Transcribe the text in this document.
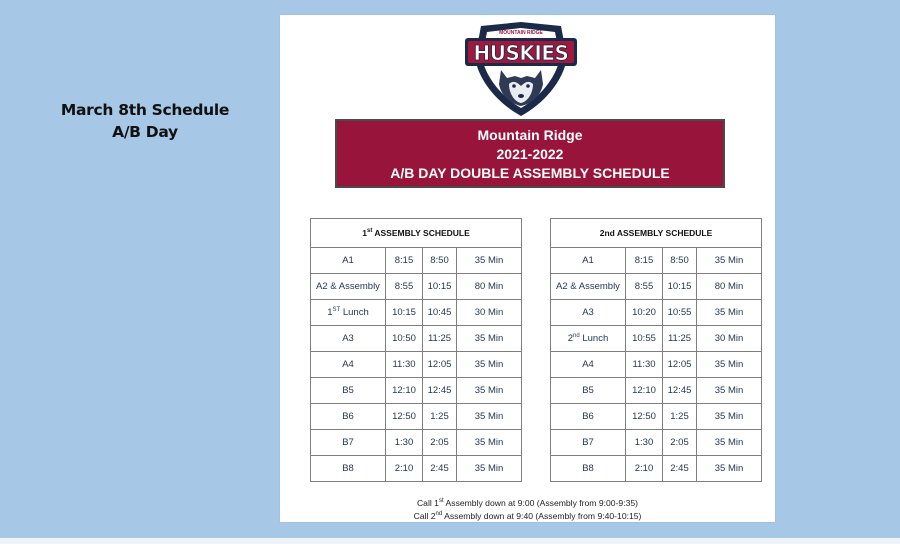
March 8th Schedule
A/B Day
MOUNTAIN RIDGE
HUSKIES
Mountain Ridge
2021-2022
A/B DAY DOUBLE ASSEMBLY SCHEDULE
1st ASSEMBLY SCHEDULE			
A1	8:15	8:50	35 Min
A2 & Assembly	8:55	10:15	80 Min
1ST Lunch	10:15	10:45	30 Min
A3	10:50	11:25	35 Min
A4	11:30	12:05	35 Min
B5	12:10	12:45	35 Min
B6	12:50	1:25	35 Min
B7	1:30	2:05	35 Min
B8	2:10	2:45	35 Min
2nd ASSEMBLY SCHEDULE			
A1	8:15	8:50	35 Min
A2 & Assembly	8:55	10:15	80 Min
A3	10:20	10:55	35 Min
2nd Lunch	10:55	11:25	30 Min
A4	11:30	12:05	35 Min
B5	12:10	12:45	35 Min
B6	12:50	1:25	35 Min
B7	1:30	2:05	35 Min
B8	2:10	2:45	35 Min
Call 1st Assembly down at 9:00 (Assembly from 9:00-9:35)
Call 2nd Assembly down at 9:40 (Assembly from 9:40-10:15)
